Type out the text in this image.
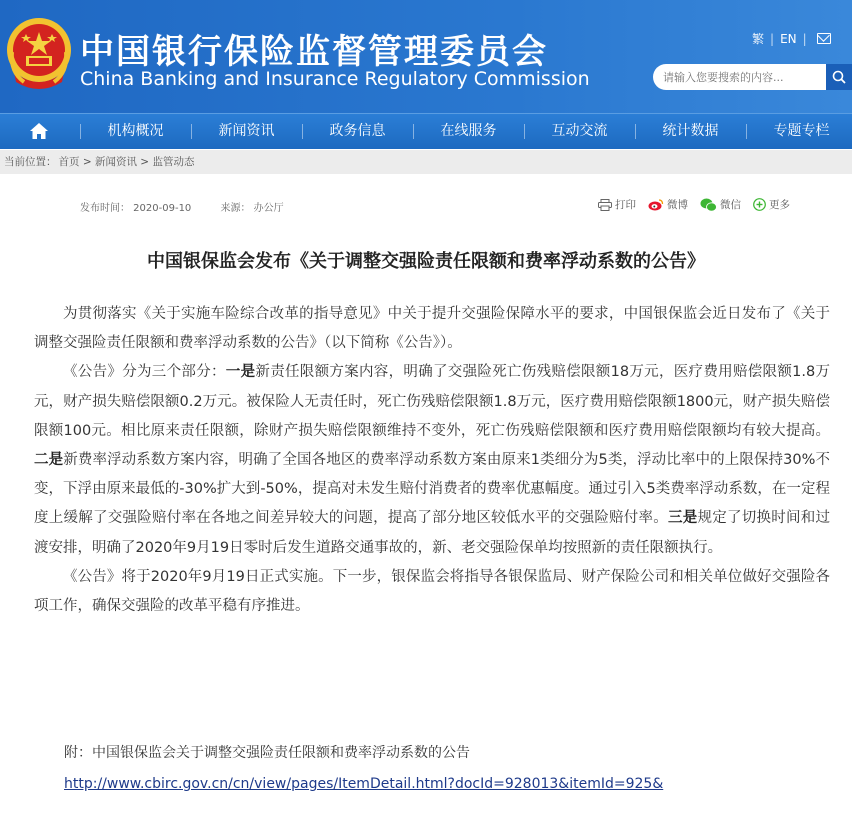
中国银行保险监督管理委员会
China Banking and Insurance Regulatory Commission
繁 | EN |
请输入您要搜索的内容...
机构概况	新闻资讯	政务信息	在线服务	互动交流	统计数据	专题专栏
当前位置： 首页 > 新闻资讯 > 监管动态
发布时间： 2020-09-10	来源： 办公厅	打印	微博	微信	更多
中国银保监会发布《关于调整交强险责任限额和费率浮动系数的公告》

为贯彻落实《关于实施车险综合改革的指导意见》中关于提升交强险保障水平的要求，中国银保监会近日发布了《关于调整交强险责任限额和费率浮动系数的公告》（以下简称《公告》）。

《公告》分为三个部分：一是新责任限额方案内容，明确了交强险死亡伤残赔偿限额18万元，医疗费用赔偿限额1.8万元，财产损失赔偿限额0.2万元。被保险人无责任时，死亡伤残赔偿限额1.8万元，医疗费用赔偿限额1800元，财产损失赔偿限额100元。相比原来责任限额，除财产损失赔偿限额维持不变外，死亡伤残赔偿限额和医疗费用赔偿限额均有较大提高。二是新费率浮动系数方案内容，明确了全国各地区的费率浮动系数方案由原来1类细分为5类，浮动比率中的上限保持30%不变，下浮由原来最低的-30%扩大到-50%，提高对未发生赔付消费者的费率优惠幅度。通过引入5类费率浮动系数，在一定程度上缓解了交强险赔付率在各地之间差异较大的问题，提高了部分地区较低水平的交强险赔付率。三是规定了切换时间和过渡安排，明确了2020年9月19日零时后发生道路交通事故的，新、老交强险保单均按照新的责任限额执行。

《公告》将于2020年9月19日正式实施。下一步，银保监会将指导各银保监局、财产保险公司和相关单位做好交强险各项工作，确保交强险的改革平稳有序推进。

附：中国银保监会关于调整交强险责任限额和费率浮动系数的公告
http://www.cbirc.gov.cn/cn/view/pages/ItemDetail.html?docId=928013&itemId=925&
